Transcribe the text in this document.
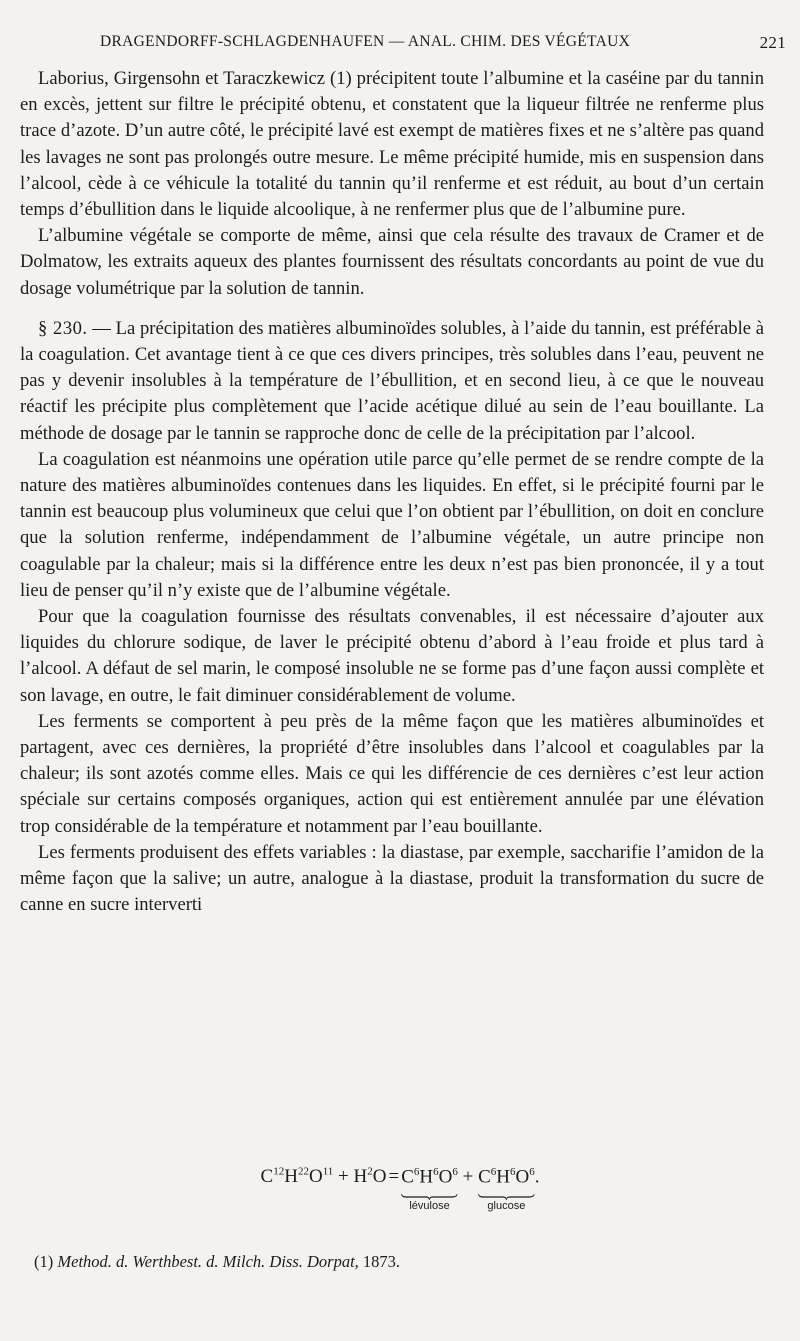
DRAGENDORFF-SCHLAGDENHAUFEN — ANAL. CHIM. DES VÉGÉTAUX	221

Laborius, Girgensohn et Taraczkewicz (1) précipitent toute l’albumine et la caséine par du tannin en excès, jettent sur filtre le précipité obtenu, et constatent que la liqueur filtrée ne renferme plus trace d’azote. D’un autre côté, le précipité lavé est exempt de matières fixes et ne s’altère pas quand les lavages ne sont pas prolongés outre mesure. Le même précipité humide, mis en suspension dans l’alcool, cède à ce véhicule la totalité du tannin qu’il renferme et est réduit, au bout d’un certain temps d’ébullition dans le liquide alcoolique, à ne renfermer plus que de l’albumine pure.

L’albumine végétale se comporte de même, ainsi que cela résulte des travaux de Cramer et de Dolmatow, les extraits aqueux des plantes fournissent des résultats concordants au point de vue du dosage volumétrique par la solution de tannin.

§ 230. — La précipitation des matières albuminoïdes solubles, à l’aide du tannin, est préférable à la coagulation. Cet avantage tient à ce que ces divers principes, très solubles dans l’eau, peuvent ne pas y devenir insolubles à la température de l’ébullition, et en second lieu, à ce que le nouveau réactif les précipite plus complètement que l’acide acétique dilué au sein de l’eau bouillante. La méthode de dosage par le tannin se rapproche donc de celle de la précipitation par l’alcool.

La coagulation est néanmoins une opération utile parce qu’elle permet de se rendre compte de la nature des matières albuminoïdes contenues dans les liquides. En effet, si le précipité fourni par le tannin est beaucoup plus volumineux que celui que l’on obtient par l’ébullition, on doit en conclure que la solution renferme, indépendamment de l’albumine végétale, un autre principe non coagulable par la chaleur; mais si la différence entre les deux n’est pas bien prononcée, il y a tout lieu de penser qu’il n’y existe que de l’albumine végétale.

Pour que la coagulation fournisse des résultats convenables, il est nécessaire d’ajouter aux liquides du chlorure sodique, de laver le précipité obtenu d’abord à l’eau froide et plus tard à l’alcool. A défaut de sel marin, le composé insoluble ne se forme pas d’une façon aussi complète et son lavage, en outre, le fait diminuer considérablement de volume.

Les ferments se comportent à peu près de la même façon que les matières albuminoïdes et partagent, avec ces dernières, la propriété d’être insolubles dans l’alcool et coagulables par la chaleur; ils sont azotés comme elles. Mais ce qui les différencie de ces dernières c’est leur action spéciale sur certains composés organiques, action qui est entièrement annulée par une élévation trop considérable de la température et notamment par l’eau bouillante.

Les ferments produisent des effets variables : la diastase, par exemple, saccharifie l’amidon de la même façon que la salive; un autre, analogue à la diastase, produit la transformation du sucre de canne en sucre interverti

$C^{12}H^{22}O^{11} + H^2O = C^6H^6O^6$
lévulose
+ $C^6H^6O^6$
glucose
.
(1) Method. d. Werthbest. d. Milch. Diss. Dorpat, 1873.
